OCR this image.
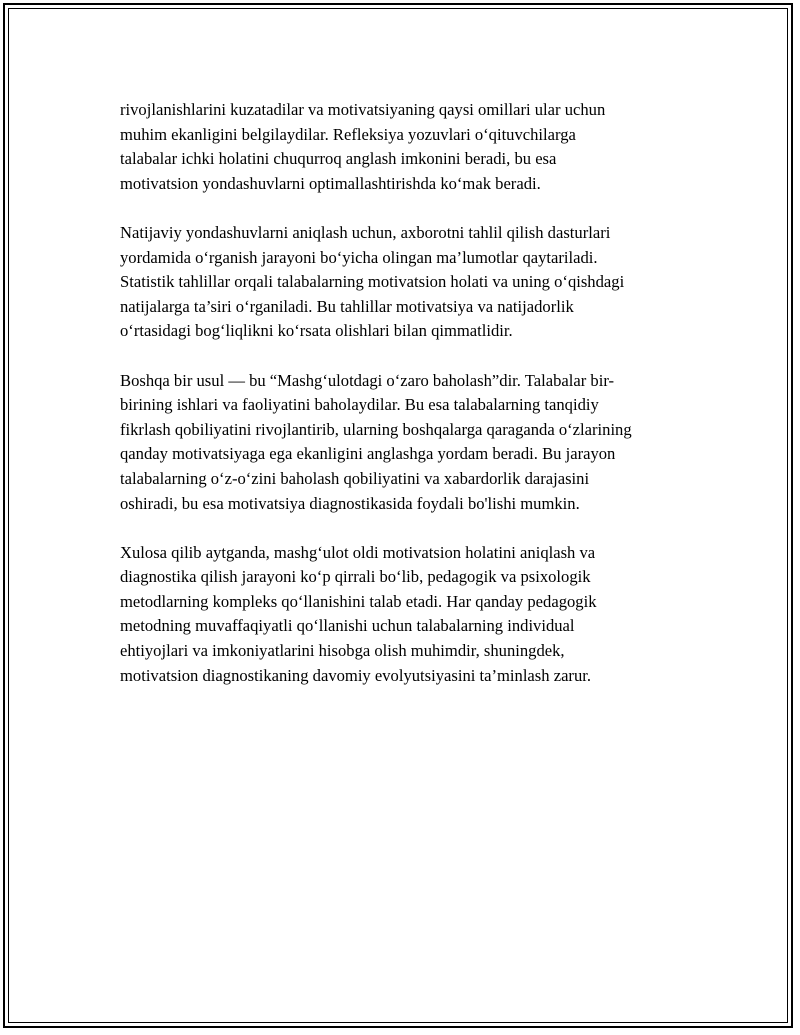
rivojlanishlarini kuzatadilar va motivatsiyaning qaysi omillari ular uchun
muhim ekanligini belgilaydilar. Refleksiya yozuvlari o‘qituvchilarga
talabalar ichki holatini chuqurroq anglash imkonini beradi, bu esa
motivatsion yondashuvlarni optimallashtirishda ko‘mak beradi.

Natijaviy yondashuvlarni aniqlash uchun, axborotni tahlil qilish dasturlari
yordamida o‘rganish jarayoni bo‘yicha olingan ma’lumotlar qaytariladi.
Statistik tahlillar orqali talabalarning motivatsion holati va uning o‘qishdagi
natijalarga ta’siri o‘rganiladi. Bu tahlillar motivatsiya va natijadorlik
o‘rtasidagi bog‘liqlikni ko‘rsata olishlari bilan qimmatlidir.

Boshqa bir usul — bu “Mashg‘ulotdagi o‘zaro baholash”dir. Talabalar bir-
birining ishlari va faoliyatini baholaydilar. Bu esa talabalarning tanqidiy
fikrlash qobiliyatini rivojlantirib, ularning boshqalarga qaraganda o‘zlarining
qanday motivatsiyaga ega ekanligini anglashga yordam beradi. Bu jarayon
talabalarning o‘z-o‘zini baholash qobiliyatini va xabardorlik darajasini
oshiradi, bu esa motivatsiya diagnostikasida foydali bo'lishi mumkin.

Xulosa qilib aytganda, mashg‘ulot oldi motivatsion holatini aniqlash va
diagnostika qilish jarayoni ko‘p qirrali bo‘lib, pedagogik va psixologik
metodlarning kompleks qo‘llanishini talab etadi. Har qanday pedagogik
metodning muvaffaqiyatli qo‘llanishi uchun talabalarning individual
ehtiyojlari va imkoniyatlarini hisobga olish muhimdir, shuningdek,
motivatsion diagnostikaning davomiy evolyutsiyasini ta’minlash zarur.
